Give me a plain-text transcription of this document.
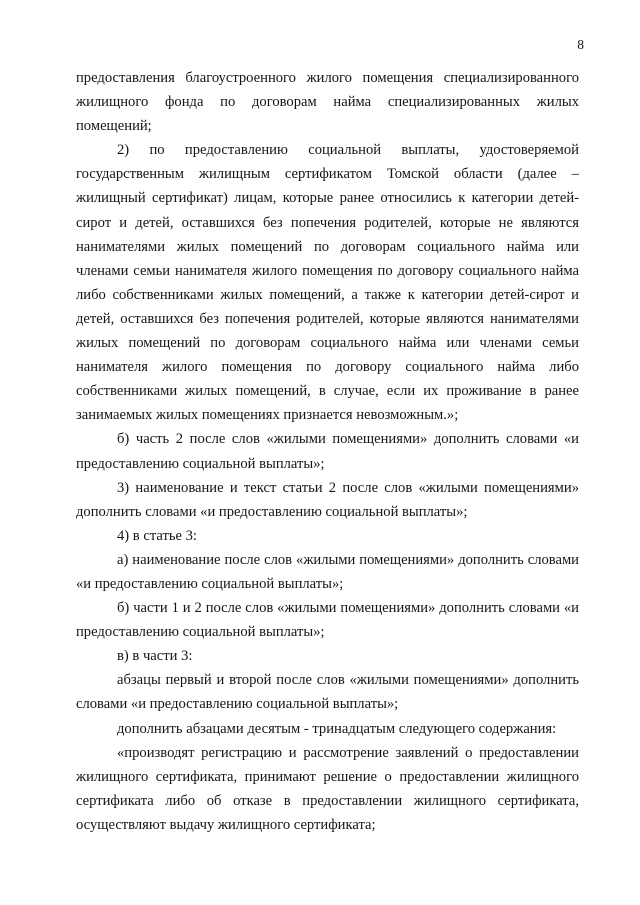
8

предоставления благоустроенного жилого помещения специализированного жилищного фонда по договорам найма специализированных жилых помещений;

2) по предоставлению социальной выплаты, удостоверяемой государственным жилищным сертификатом Томской области (далее – жилищный сертификат) лицам, которые ранее относились к категории детей-сирот и детей, оставшихся без попечения родителей, которые не являются нанимателями жилых помещений по договорам социального найма или членами семьи нанимателя жилого помещения по договору социального найма либо собственниками жилых помещений, а также к категории детей-сирот и детей, оставшихся без попечения родителей, которые являются нанимателями жилых помещений по договорам социального найма или членами семьи нанимателя жилого помещения по договору социального найма либо собственниками жилых помещений, в случае, если их проживание в ранее занимаемых жилых помещениях признается невозможным.»;

б) часть 2 после слов «жилыми помещениями» дополнить словами «и предоставлению социальной выплаты»;

3) наименование и текст статьи 2 после слов «жилыми помещениями» дополнить словами «и предоставлению социальной выплаты»;

4) в статье 3:

а) наименование после слов «жилыми помещениями» дополнить словами «и предоставлению социальной выплаты»;

б) части 1 и 2 после слов «жилыми помещениями» дополнить словами «и предоставлению социальной выплаты»;

в) в части 3:

абзацы первый и второй после слов «жилыми помещениями» дополнить словами «и предоставлению социальной выплаты»;

дополнить абзацами десятым - тринадцатым следующего содержания:

«производят регистрацию и рассмотрение заявлений о предоставлении жилищного сертификата, принимают решение о предоставлении жилищного сертификата либо об отказе в предоставлении жилищного сертификата, осуществляют выдачу жилищного сертификата;
